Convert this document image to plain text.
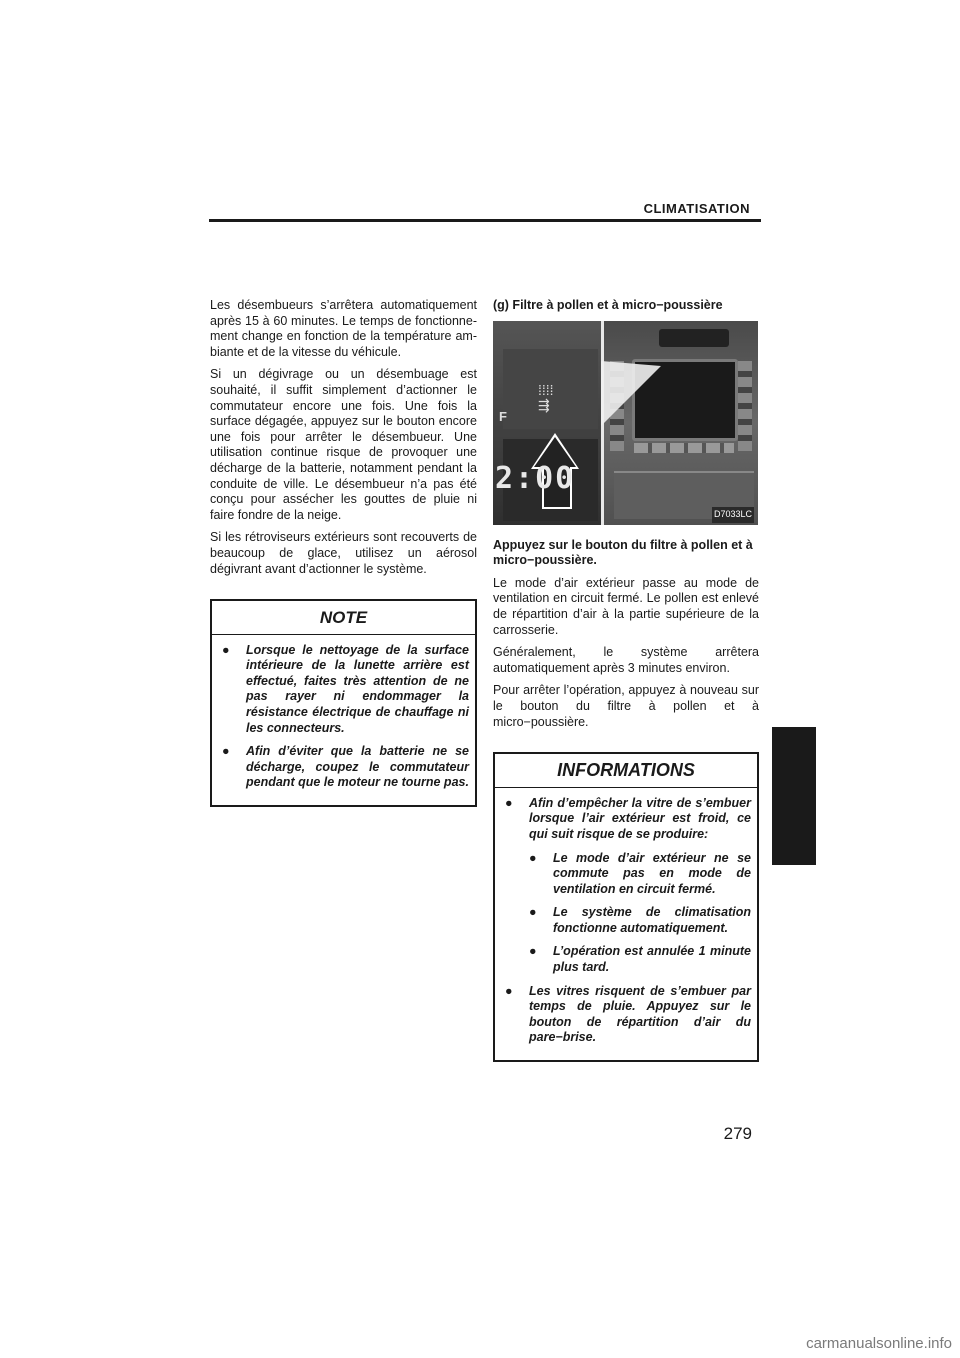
CLIMATISATION

Les désembueurs s’arrêtera automatiquement après 15 à 60 minutes. Le temps de fonctionne-ment change en fonction de la température am-biante et de la vitesse du véhicule.

Si un dégivrage ou un désembuage est souhaité, il suffit simplement d’actionner le commutateur encore une fois. Une fois la surface dégagée, appuyez sur le bouton encore une fois pour arrêter le désembueur. Une utilisation continue risque de provoquer une décharge de la batterie, notamment pendant la conduite de ville. Le désembueur n’a pas été conçu pour assécher les gouttes de pluie ni faire fondre de la neige.

Si les rétroviseurs extérieurs sont recouverts de beaucoup de glace, utilisez un aérosol dégivrant avant d’actionner le système.

NOTE
● Lorsque le nettoyage de la surface intérieure de la lunette arrière est effectué, faites très attention de ne pas rayer ni endommager la résistance électrique de chauffage ni les connecteurs.
● Afin d’éviter que la batterie ne se décharge, coupez le commutateur pendant que le moteur ne tourne pas.

(g) Filtre à pollen et à micro−poussière

F
⁞⁞⁞⁞
⇶
2:00
D7033LC

Appuyez sur le bouton du filtre à pollen et à micro−poussière.

Le mode d’air extérieur passe au mode de ventilation en circuit fermé. Le pollen est enlevé de répartition d’air à la partie supérieure de la carrosserie.

Généralement, le système arrêtera automatiquement après 3 minutes environ.

Pour arrêter l’opération, appuyez à nouveau sur le bouton du filtre à pollen et à micro−poussière.

INFORMATIONS
● Afin d’empêcher la vitre de s’embuer lorsque l’air extérieur est froid, ce qui suit risque de se produire:
● Le mode d’air extérieur ne se commute pas en mode de ventilation en circuit fermé.
● Le système de climatisation fonctionne automatiquement.
● L’opération est annulée 1 minute plus tard.
● Les vitres risquent de s’embuer par temps de pluie. Appuyez sur le bouton de répartition d’air du pare−brise.
279
carmanualsonline.info
